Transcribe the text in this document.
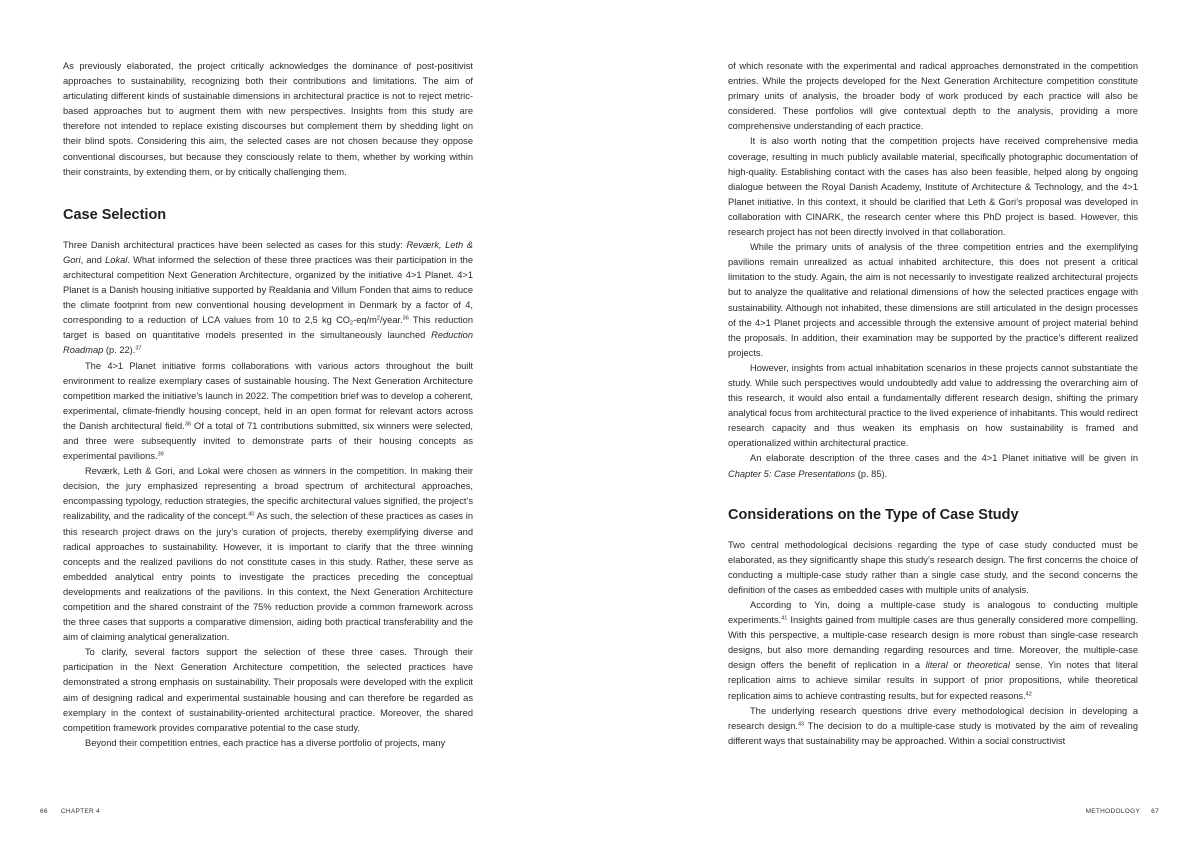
As previously elaborated, the project critically acknowledges the dominance of post-positivist approaches to sustainability, recognizing both their contributions and limitations. The aim of articulating different kinds of sustainable dimensions in architectural practice is not to reject metric-based approaches but to augment them with new perspectives. Insights from this study are therefore not intended to replace existing discourses but complement them by shedding light on their blind spots. Considering this aim, the selected cases are not chosen because they oppose conventional discourses, but because they consciously relate to them, whether by working within their constraints, by extending them, or by critically challenging them.

Case Selection

Three Danish architectural practices have been selected as cases for this study: Reværk, Leth & Gori, and Lokal. What informed the selection of these three practices was their participation in the architectural competition Next Generation Architecture, organized by the initiative 4>1 Planet. 4>1 Planet is a Danish housing initiative supported by Realdania and Villum Fonden that aims to reduce the climate footprint from new conventional housing development in Denmark by a factor of 4, corresponding to a reduction of LCA values from 10 to 2,5 kg $CO_2-eq/m^2/year.^{36}$ This reduction target is based on quantitative models presented in the simultaneously launched Reduction Roadmap (p. 22).$^{37}$

The 4>1 Planet initiative forms collaborations with various actors throughout the built environment to realize exemplary cases of sustainable housing. The Next Generation Architecture competition marked the initiative’s launch in 2022. The competition brief was to develop a coherent, experimental, climate-friendly housing concept, held in an open format for relevant actors across the Danish architectural field.$^{38}$ Of a total of 71 contributions submitted, six winners were selected, and three were subsequently invited to demonstrate parts of their housing concepts as experimental pavilions.$^{39}$

Reværk, Leth & Gori, and Lokal were chosen as winners in the competition. In making their decision, the jury emphasized representing a broad spectrum of architectural approaches, encompassing typology, reduction strategies, the specific architectural values signified, the project’s realizability, and the radicality of the concept.$^{40}$ As such, the selection of these practices as cases in this research project draws on the jury’s curation of projects, thereby exemplifying diverse and radical approaches to sustainability. However, it is important to clarify that the three winning concepts and the realized pavilions do not constitute cases in this study. Rather, these serve as embedded analytical entry points to investigate the practices preceding the conceptual developments and realizations of the pavilions. In this context, the Next Generation Architecture competition and the shared constraint of the 75% reduction provide a common framework across the three cases that supports a comparative dimension, aiding both practical transferability and the aim of claiming analytical generalization.

To clarify, several factors support the selection of these three cases. Through their participation in the Next Generation Architecture competition, the selected practices have demonstrated a strong emphasis on sustainability. Their proposals were developed with the explicit aim of designing radical and experimental sustainable housing and can therefore be regarded as exemplary in the context of sustainability-oriented architectural practice. Moreover, the shared competition framework provides comparative potential to the case study.

Beyond their competition entries, each practice has a diverse portfolio of projects, many

of which resonate with the experimental and radical approaches demonstrated in the competition entries. While the projects developed for the Next Generation Architecture competition constitute primary units of analysis, the broader body of work produced by each practice will also be considered. These portfolios will give contextual depth to the analysis, providing a more comprehensive understanding of each practice.

It is also worth noting that the competition projects have received comprehensive media coverage, resulting in much publicly available material, specifically photographic documentation of high-quality. Establishing contact with the cases has also been feasible, helped along by ongoing dialogue between the Royal Danish Academy, Institute of Architecture & Technology, and the 4>1 Planet initiative. In this context, it should be clarified that Leth & Gori’s proposal was developed in collaboration with CINARK, the research center where this PhD project is based. However, this research project has not been directly involved in that collaboration.

While the primary units of analysis of the three competition entries and the exemplifying pavilions remain unrealized as actual inhabited architecture, this does not present a critical limitation to the study. Again, the aim is not necessarily to investigate realized architectural projects but to analyze the qualitative and relational dimensions of how the selected practices engage with sustainability. Although not inhabited, these dimensions are still articulated in the design processes of the 4>1 Planet projects and accessible through the extensive amount of project material behind the proposals. In addition, their examination may be supported by the practice’s different realized projects.

However, insights from actual inhabitation scenarios in these projects cannot substantiate the study. While such perspectives would undoubtedly add value to addressing the overarching aim of this research, it would also entail a fundamentally different research design, shifting the primary analytical focus from architectural practice to the lived experience of inhabitants. This would redirect research capacity and thus weaken its emphasis on how sustainability is framed and operationalized within architectural practice.

An elaborate description of the three cases and the 4>1 Planet initiative will be given in Chapter 5: Case Presentations (p. 85).

Considerations on the Type of Case Study

Two central methodological decisions regarding the type of case study conducted must be elaborated, as they significantly shape this study’s research design. The first concerns the choice of conducting a multiple-case study rather than a single case study, and the second concerns the definition of the cases as embedded cases with multiple units of analysis.

According to Yin, doing a multiple-case study is analogous to conducting multiple experiments.$^{41}$ Insights gained from multiple cases are thus generally considered more compelling. With this perspective, a multiple-case research design is more robust than single-case research designs, but also more demanding regarding resources and time. Moreover, the multiple-case design offers the benefit of replication in a literal or theoretical sense. Yin notes that literal replication aims to achieve similar results in support of prior propositions, while theoretical replication aims to achieve contrasting results, but for expected reasons.$^{42}$

The underlying research questions drive every methodological decision in developing a research design.$^{43}$ The decision to do a multiple-case study is motivated by the aim of revealing different ways that sustainability may be approached. Within a social constructivist

66 CHAPTER 4	METHODOLOGY 67
